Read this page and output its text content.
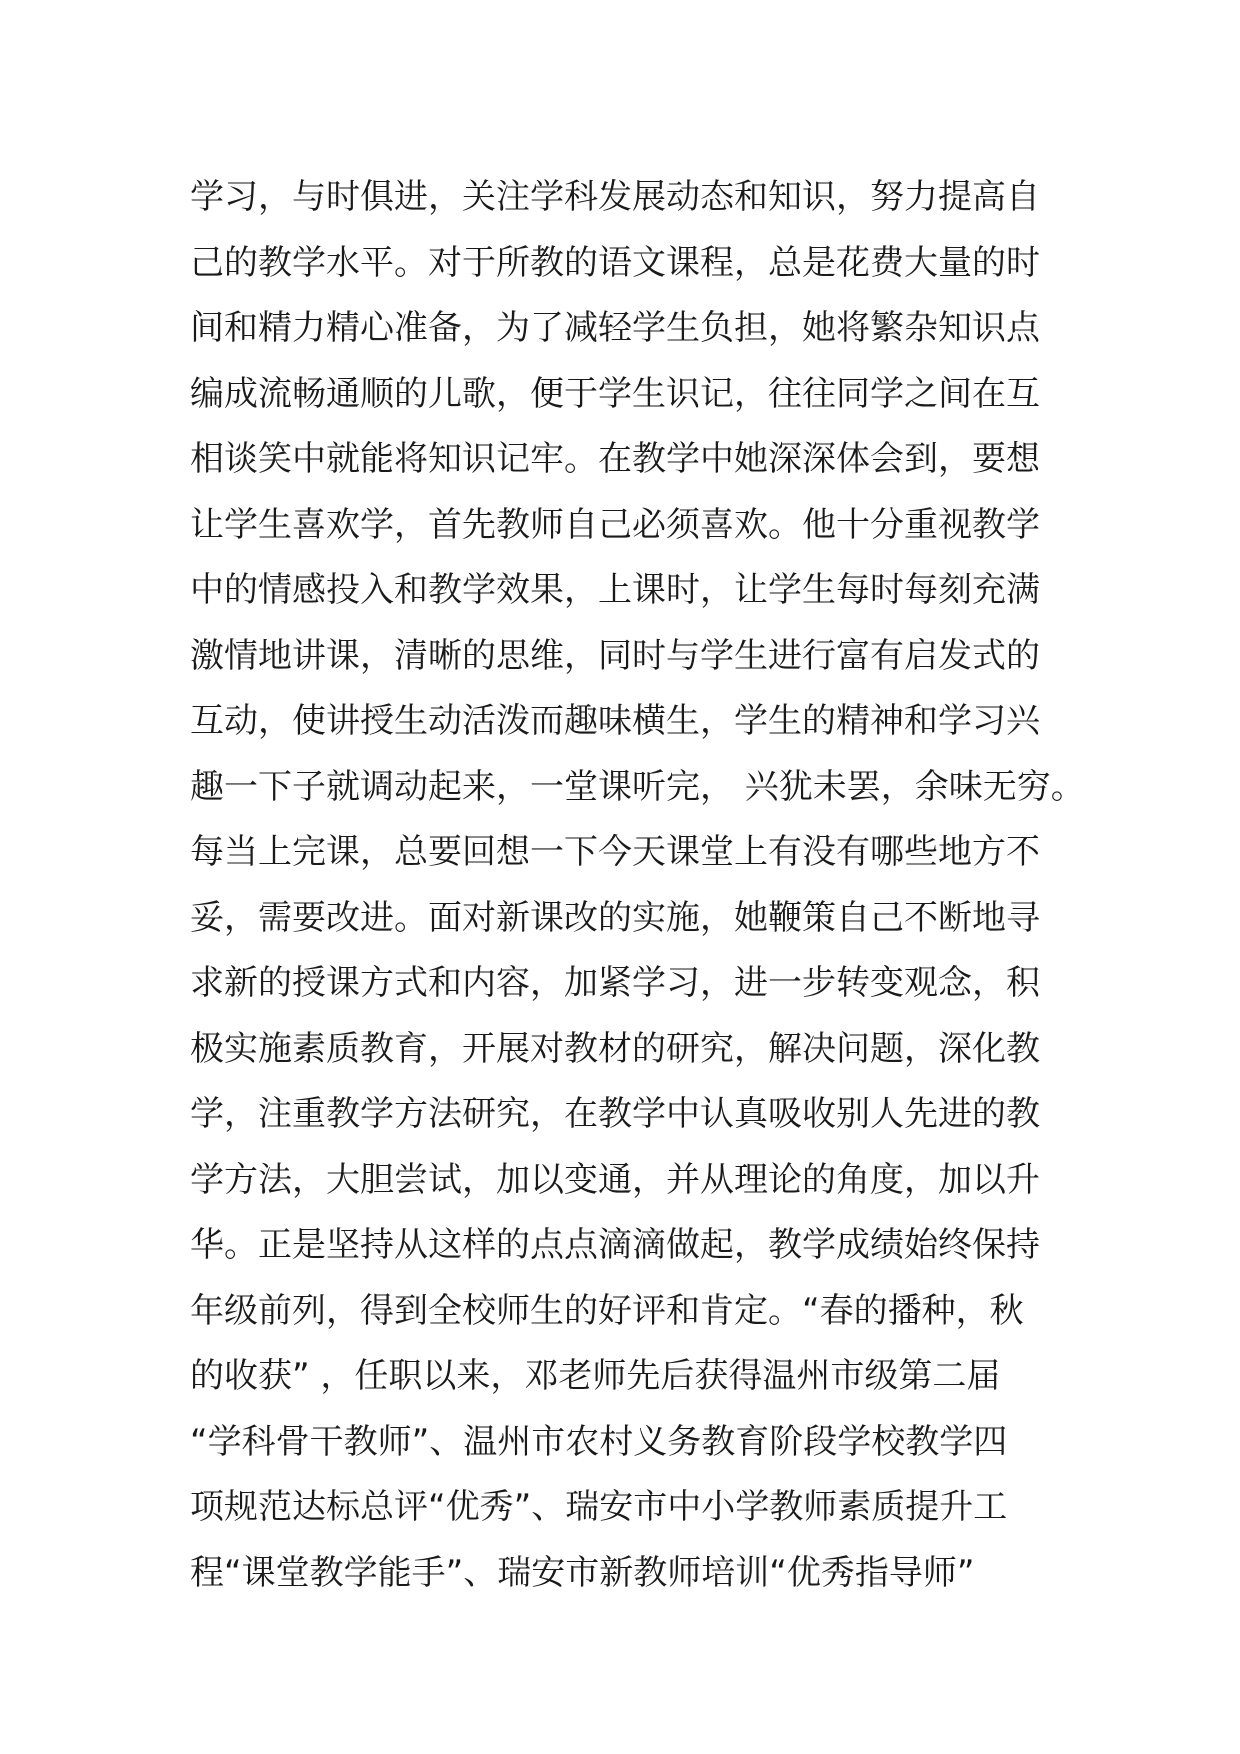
学习，与时俱进，关注学科发展动态和知识，努力提高自
己的教学水平。对于所教的语文课程，总是花费大量的时
间和精力精心准备，为了减轻学生负担，她将繁杂知识点
编成流畅通顺的儿歌，便于学生识记，往往同学之间在互
相谈笑中就能将知识记牢。在教学中她深深体会到，要想
让学生喜欢学，首先教师自己必须喜欢。他十分重视教学
中的情感投入和教学效果，上课时，让学生每时每刻充满
激情地讲课，清晰的思维，同时与学生进行富有启发式的
互动，使讲授生动活泼而趣味横生，学生的精神和学习兴
趣一下子就调动起来，一堂课听完， 兴犹未罢，余味无穷。
每当上完课，总要回想一下今天课堂上有没有哪些地方不
妥，需要改进。面对新课改的实施，她鞭策自己不断地寻
求新的授课方式和内容，加紧学习，进一步转变观念，积
极实施素质教育，开展对教材的研究，解决问题，深化教
学，注重教学方法研究，在教学中认真吸收别人先进的教
学方法，大胆尝试，加以变通，并从理论的角度，加以升
华。正是坚持从这样的点点滴滴做起，教学成绩始终保持
年级前列，得到全校师生的好评和肯定。“春的播种，秋
的收获” ，任职以来，邓老师先后获得温州市级第二届
“学科骨干教师”、温州市农村义务教育阶段学校教学四
项规范达标总评“优秀”、瑞安市中小学教师素质提升工
程“课堂教学能手”、瑞安市新教师培训“优秀指导师”
